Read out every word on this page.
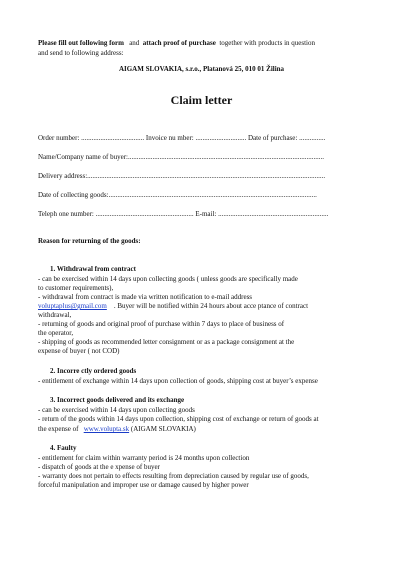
Please fill out following form and attach proof of purchase together with products in question
and send to following address:
AIGAM SLOVAKIA, s.r.o., Platanová 25, 010 01 Žilina
Claim letter
Order number: .................................... Invoice nu mber: ............................. Date of purchase: ...............
Name/Company name of buyer:................................................................................................................
Delivery address:........................................................................................................................................
Date of collecting goods:.......................................................................................................................
Teleph one number: ........................................................ E-mail: ...............................................................
Reason for returning of the goods:
1. Withdrawal from contract
- can be exercised within 14 days upon collecting goods ( unless goods are specifically made
to customer requirements),
- withdrawal from contract is made via written notification to e-mail address
voluptaplus@gmail.com . Buyer will be notified within 24 hours about acce ptance of contract
withdrawal,
- returning of goods and original proof of purchase within 7 days to place of business of
the operator,
- shipping of goods as recommended letter consignment or as a package consignment at the
expense of buyer ( not COD)
2. Incorre ctly ordered goods
- entitlement of exchange within 14 days upon collection of goods, shipping cost at buyer’s expense
3. Incorrect goods delivered and its exchange
- can be exercised within 14 days upon collecting goods
- return of the goods within 14 days upon collection, shipping cost of exchange or return of goods at
the expense of www.volupta.sk (AIGAM SLOVAKIA)
4. Faulty
- entitlement for claim within warranty period is 24 months upon collection
- dispatch of goods at the e xpense of buyer
- warranty does not pertain to effects resulting from depreciation caused by regular use of goods,
forceful manipulation and improper use or damage caused by higher power
